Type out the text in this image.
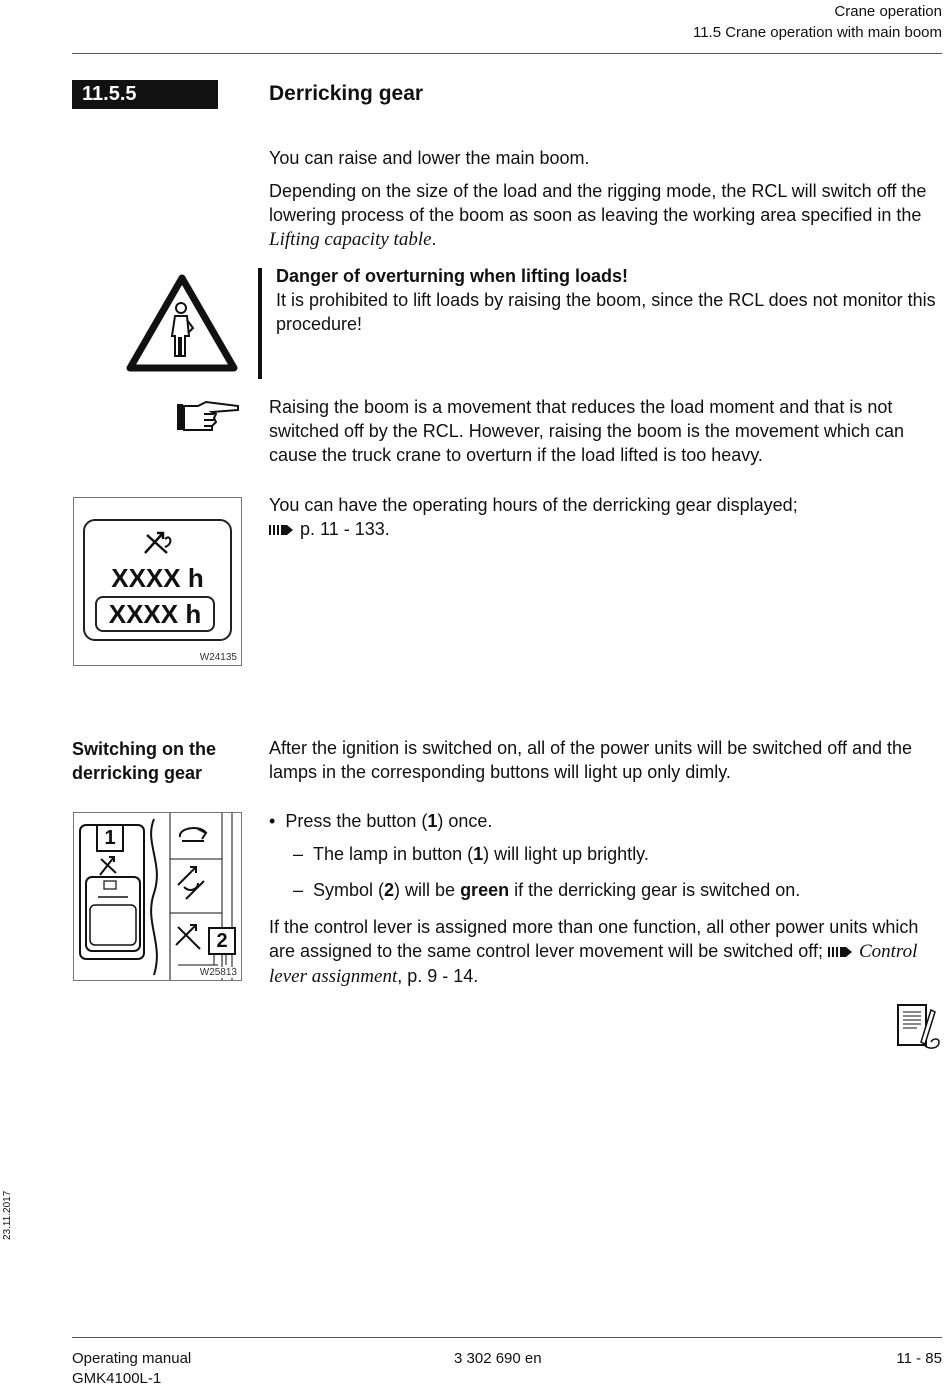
Crane operation
11.5 Crane operation with main boom
11.5.5	Derricking gear
You can raise and lower the main boom.
Depending on the size of the load and the rigging mode, the RCL will switch off the lowering process of the boom as soon as leaving the working area specified in the Lifting capacity table.
Danger of overturning when lifting loads!
It is prohibited to lift loads by raising the boom, since the RCL does not monitor this procedure!
Raising the boom is a movement that reduces the load moment and that is not switched off by the RCL. However, raising the boom is the movement which can cause the truck crane to overturn if the load lifted is too heavy.
You can have the operating hours of the derricking gear displayed;
p. 11 - 133.
XXXX h
XXXX h
W24135
Switching on the derricking gear
After the ignition is switched on, all of the power units will be switched off and the lamps in the corresponding buttons will light up only dimly.
•  Press the button (1) once.
–  The lamp in button (1) will light up brightly.
–  Symbol (2) will be green if the derricking gear is switched on.
If the control lever is assigned more than one function, all other power units which are assigned to the same control lever movement will be switched off;  Control lever assignment, p. 9 - 14.
1
2
W25813
23.11.2017
Operating manual
GMK4100L-1
3 302 690 en	11 - 85
